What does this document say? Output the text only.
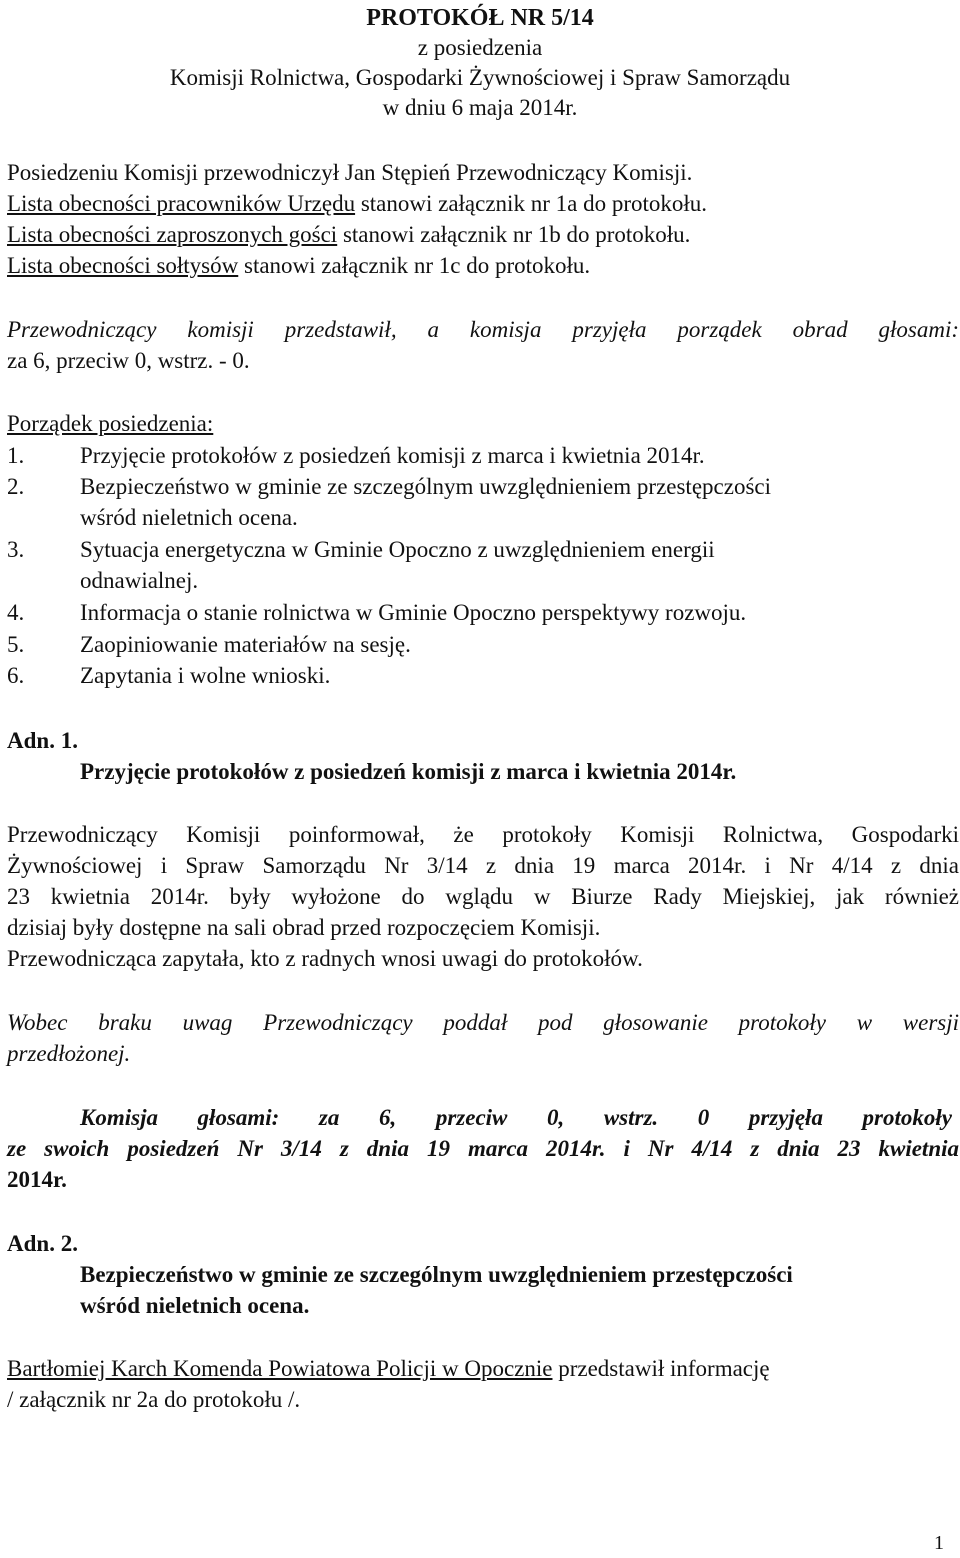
PROTOKÓŁ NR 5/14
z posiedzenia
Komisji Rolnictwa, Gospodarki Żywnościowej i Spraw Samorządu
w dniu 6 maja 2014r.
Posiedzeniu Komisji przewodniczył Jan Stępień Przewodniczący Komisji.
Lista obecności pracowników Urzędu stanowi załącznik nr 1a do protokołu.
Lista obecności zaproszonych gości stanowi załącznik nr 1b do protokołu.
Lista obecności sołtysów stanowi załącznik nr 1c do protokołu.
Przewodniczący komisji przedstawił, a komisja przyjęła porządek obrad głosami:
za 6, przeciw 0, wstrz. - 0.
Porządek posiedzenia:
1. Przyjęcie protokołów z posiedzeń komisji z marca i kwietnia 2014r.
2. Bezpieczeństwo w gminie ze szczególnym uwzględnieniem przestępczości
wśród nieletnich ocena.
3. Sytuacja energetyczna w Gminie Opoczno z uwzględnieniem energii
odnawialnej.
4. Informacja o stanie rolnictwa w Gminie Opoczno perspektywy rozwoju.
5. Zaopiniowanie materiałów na sesję.
6. Zapytania i wolne wnioski.
Adn. 1.
Przyjęcie protokołów z posiedzeń komisji z marca i kwietnia 2014r.
Przewodniczący Komisji poinformował, że protokoły Komisji Rolnictwa, Gospodarki
Żywnościowej i Spraw Samorządu Nr 3/14 z dnia 19 marca 2014r. i Nr 4/14 z dnia
23 kwietnia 2014r. były wyłożone do wglądu w Biurze Rady Miejskiej, jak również
dzisiaj były dostępne na sali obrad przed rozpoczęciem Komisji.
Przewodnicząca zapytała, kto z radnych wnosi uwagi do protokołów.
Wobec braku uwag Przewodniczący poddał pod głosowanie protokoły w wersji
przedłożonej.
Komisja głosami: za 6, przeciw 0, wstrz. 0 przyjęła protokoły
ze swoich posiedzeń Nr 3/14 z dnia 19 marca 2014r. i Nr 4/14 z dnia 23 kwietnia
2014r.
Adn. 2.
Bezpieczeństwo w gminie ze szczególnym uwzględnieniem przestępczości
wśród nieletnich ocena.
Bartłomiej Karch Komenda Powiatowa Policji w Opocznie przedstawił informację
/ załącznik nr 2a do protokołu /.
1
